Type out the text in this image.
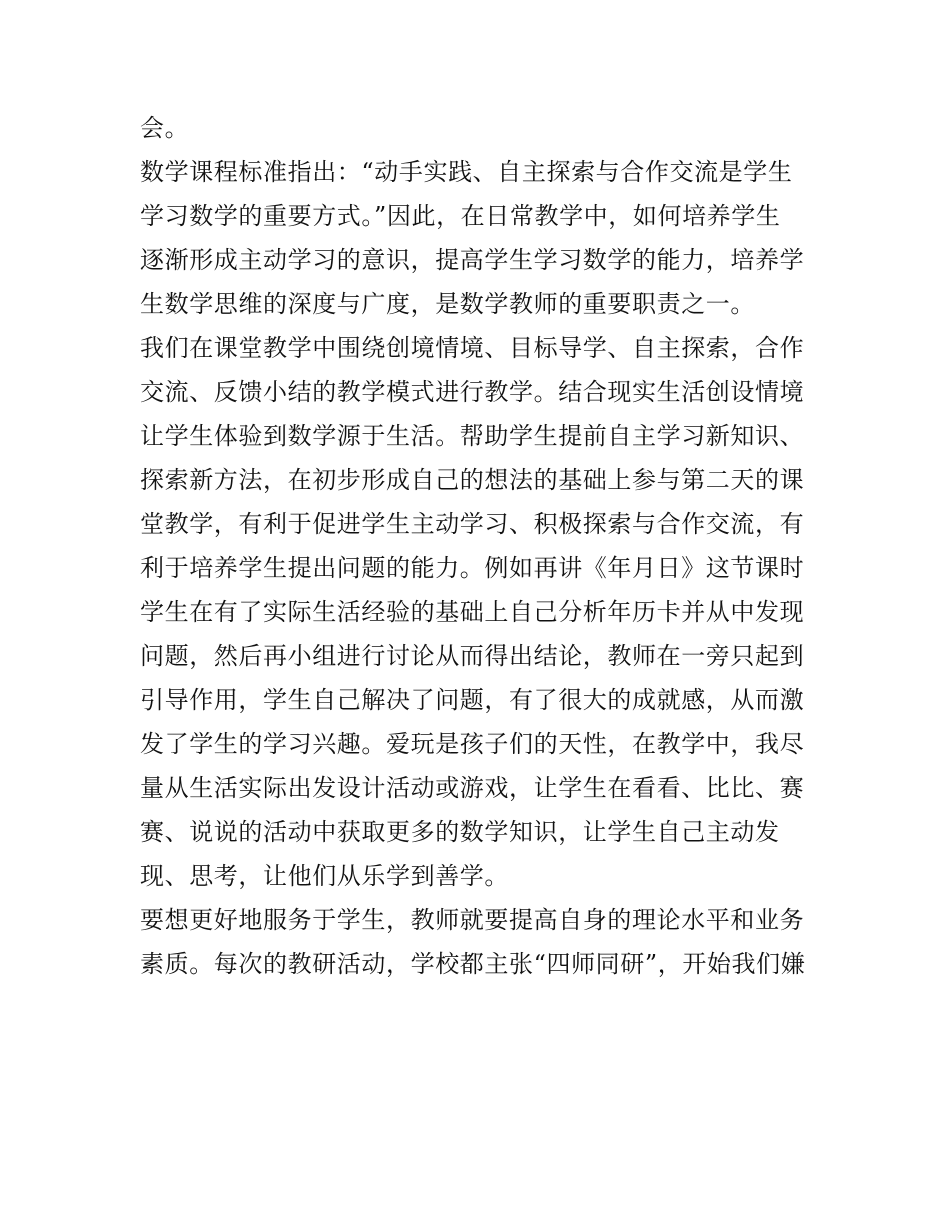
会。
数学课程标准指出：“动手实践、自主探索与合作交流是学生
学习数学的重要方式。”因此，在日常教学中，如何培养学生
逐渐形成主动学习的意识，提高学生学习数学的能力，培养学
生数学思维的深度与广度，是数学教师的重要职责之一。
我们在课堂教学中围绕创境情境、目标导学、自主探索，合作
交流、反馈小结的教学模式进行教学。结合现实生活创设情境
让学生体验到数学源于生活。帮助学生提前自主学习新知识、
探索新方法，在初步形成自己的想法的基础上参与第二天的课
堂教学，有利于促进学生主动学习、积极探索与合作交流，有
利于培养学生提出问题的能力。例如再讲《年月日》这节课时
学生在有了实际生活经验的基础上自己分析年历卡并从中发现
问题，然后再小组进行讨论从而得出结论，教师在一旁只起到
引导作用，学生自己解决了问题，有了很大的成就感，从而激
发了学生的学习兴趣。爱玩是孩子们的天性，在教学中，我尽
量从生活实际出发设计活动或游戏，让学生在看看、比比、赛
赛、说说的活动中获取更多的数学知识，让学生自己主动发
现、思考，让他们从乐学到善学。
要想更好地服务于学生，教师就要提高自身的理论水平和业务
素质。每次的教研活动，学校都主张“四师同研”，开始我们嫌
